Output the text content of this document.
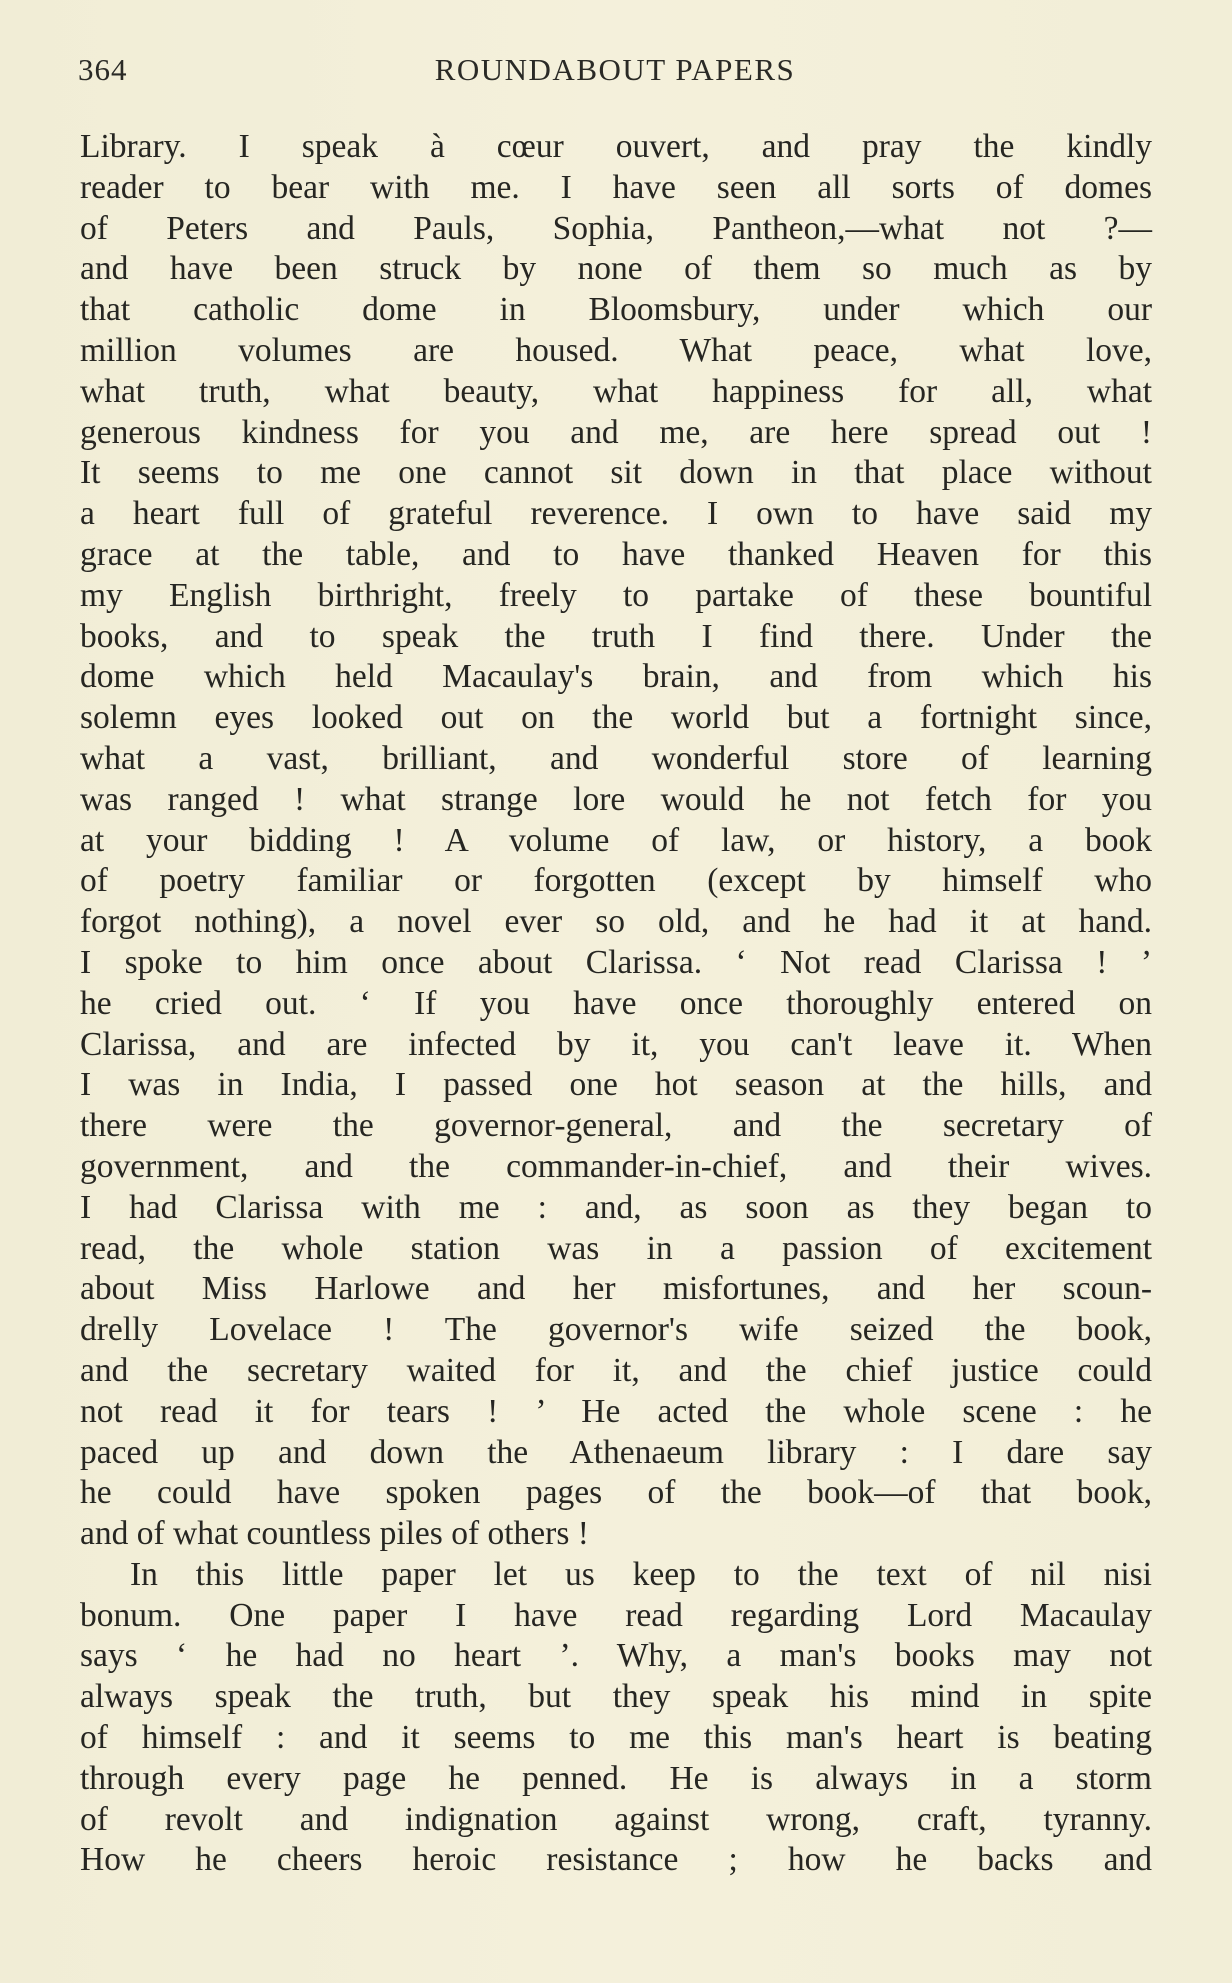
364	ROUNDABOUT PAPERS
Library. I speak à cœur ouvert, and pray the kindly
reader to bear with me. I have seen all sorts of domes
of Peters and Pauls, Sophia, Pantheon,—what not ?—
and have been struck by none of them so much as by
that catholic dome in Bloomsbury, under which our
million volumes are housed. What peace, what love,
what truth, what beauty, what happiness for all, what
generous kindness for you and me, are here spread out !
It seems to me one cannot sit down in that place without
a heart full of grateful reverence. I own to have said my
grace at the table, and to have thanked Heaven for this
my English birthright, freely to partake of these bountiful
books, and to speak the truth I find there. Under the
dome which held Macaulay's brain, and from which his
solemn eyes looked out on the world but a fortnight since,
what a vast, brilliant, and wonderful store of learning
was ranged ! what strange lore would he not fetch for you
at your bidding ! A volume of law, or history, a book
of poetry familiar or forgotten (except by himself who
forgot nothing), a novel ever so old, and he had it at hand.
I spoke to him once about Clarissa. ‘ Not read Clarissa ! ’
he cried out. ‘ If you have once thoroughly entered on
Clarissa, and are infected by it, you can't leave it. When
I was in India, I passed one hot season at the hills, and
there were the governor-general, and the secretary of
government, and the commander-in-chief, and their wives.
I had Clarissa with me : and, as soon as they began to
read, the whole station was in a passion of excitement
about Miss Harlowe and her misfortunes, and her scoun-
drelly Lovelace ! The governor's wife seized the book,
and the secretary waited for it, and the chief justice could
not read it for tears ! ’ He acted the whole scene : he
paced up and down the Athenaeum library : I dare say
he could have spoken pages of the book—of that book,
and of what countless piles of others !
In this little paper let us keep to the text of nil nisi
bonum. One paper I have read regarding Lord Macaulay
says ‘ he had no heart ’. Why, a man's books may not
always speak the truth, but they speak his mind in spite
of himself : and it seems to me this man's heart is beating
through every page he penned. He is always in a storm
of revolt and indignation against wrong, craft, tyranny.
How he cheers heroic resistance ; how he backs and
